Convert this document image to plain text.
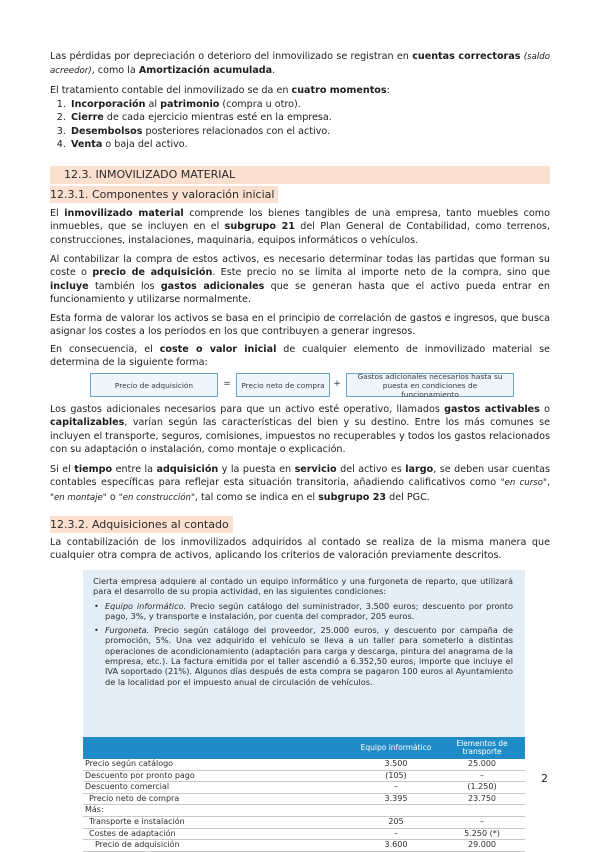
Las pérdidas por depreciación o deterioro del inmovilizado se registran en cuentas correctoras (saldo acreedor), como la Amortización acumulada.

El tratamiento contable del inmovilizado se da en cuatro momentos:

1. Incorporación al patrimonio (compra u otro).
2. Cierre de cada ejercicio mientras esté en la empresa.
3. Desembolsos posteriores relacionados con el activo.
4. Venta o baja del activo.
12.3. INMOVILIZADO MATERIAL
12.3.1. Componentes y valoración inicial

El inmovilizado material comprende los bienes tangibles de una empresa, tanto muebles como inmuebles, que se incluyen en el subgrupo 21 del Plan General de Contabilidad, como terrenos, construcciones, instalaciones, maquinaria, equipos informáticos o vehículos.

Al contabilizar la compra de estos activos, es necesario determinar todas las partidas que forman su coste o precio de adquisición. Este precio no se limita al importe neto de la compra, sino que incluye también los gastos adicionales que se generan hasta que el activo pueda entrar en funcionamiento y utilizarse normalmente.

Esta forma de valorar los activos se basa en el principio de correlación de gastos e ingresos, que busca asignar los costes a los periodos en los que contribuyen a generar ingresos.

En consecuencia, el coste o valor inicial de cualquier elemento de inmovilizado material se determina de la siguiente forma:

Precio de adquisición	= Precio neto de compra +
Gastos adicionales necesarios hasta su puesta en condiciones de funcionamiento

Los gastos adicionales necesarios para que un activo esté operativo, llamados gastos activables o capitalizables, varían según las características del bien y su destino. Entre los más comunes se incluyen el transporte, seguros, comisiones, impuestos no recuperables y todos los gastos relacionados con su adaptación o instalación, como montaje o explicación.

Si el tiempo entre la adquisición y la puesta en servicio del activo es largo, se deben usar cuentas contables específicas para reflejar esta situación transitoria, añadiendo calificativos como "en curso", "en montaje" o "en construcción", tal como se indica en el subgrupo 23 del PGC.

12.3.2. Adquisiciones al contado

La contabilización de los inmovilizados adquiridos al contado se realiza de la misma manera que cualquier otra compra de activos, aplicando los criterios de valoración previamente descritos.

Cierta empresa adquiere al contado un equipo informático y una furgoneta de reparto, que utilizará para el desarrollo de su propia actividad, en las siguientes condiciones:

• Equipo informático. Precio según catálogo del suministrador, 3.500 euros; descuento por pronto pago, 3%, y transporte e instalación, por cuenta del comprador, 205 euros.

• Furgoneta. Precio según catálogo del proveedor, 25.000 euros, y descuento por campaña de promoción, 5%. Una vez adquirido el vehículo se lleva a un taller para someterlo a distintas operaciones de acondicionamiento (adaptación para carga y descarga, pintura del anagrama de la empresa, etc.). La factura emitida por el taller ascendió a 6.352,50 euros, importe que incluye el IVA soportado (21%). Algunos días después de esta compra se pagaron 100 euros al Ayuntamiento de la localidad por el impuesto anual de circulación de vehículos.

	Equipo informático	Elementos de transporte
Precio según catálogo	3.500	25.000
Descuento por pronto pago	(105)	–
Descuento comercial	–	(1.250)
Precio neto de compra	3.395	23.750
Más:		
Transporte e instalación	205	–
Costes de adaptación	–	5.250 (*)
Precio de adquisición	3.600	29.000
2
